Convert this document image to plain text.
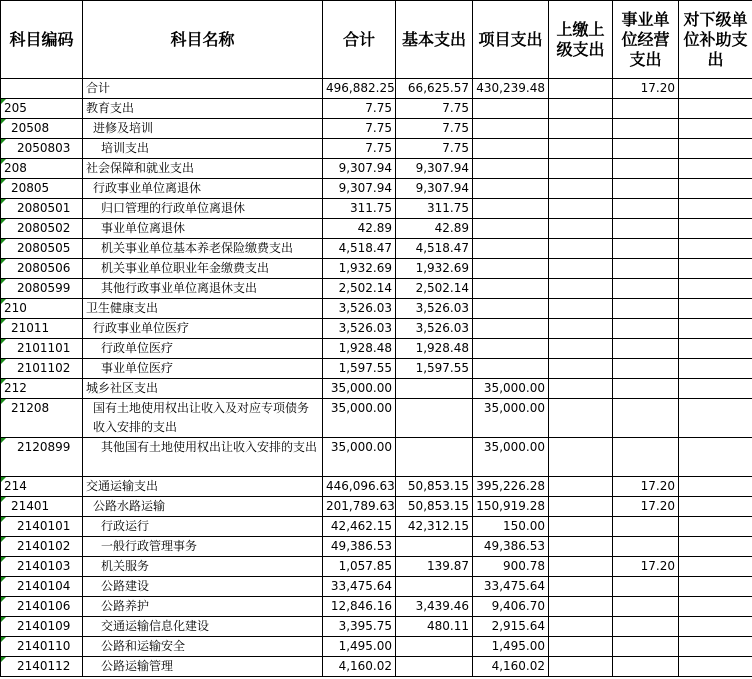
科目编码	科目名称	合计	基本支出	项目支出	上缴上级支出	事业单位经营支出	对下级单位补助支出
	合计	496,882.25	66,625.57	430,239.48		17.20	
205	教育支出	7.75	7.75				
20508	进修及培训	7.75	7.75				
2050803	培训支出	7.75	7.75				
208	社会保障和就业支出	9,307.94	9,307.94				
20805	行政事业单位离退休	9,307.94	9,307.94				
2080501	归口管理的行政单位离退休	311.75	311.75				
2080502	事业单位离退休	42.89	42.89				
2080505	机关事业单位基本养老保险缴费支出	4,518.47	4,518.47				
2080506	机关事业单位职业年金缴费支出	1,932.69	1,932.69				
2080599	其他行政事业单位离退休支出	2,502.14	2,502.14				
210	卫生健康支出	3,526.03	3,526.03				
21011	行政事业单位医疗	3,526.03	3,526.03				
2101101	行政单位医疗	1,928.48	1,928.48				
2101102	事业单位医疗	1,597.55	1,597.55				
212	城乡社区支出	35,000.00		35,000.00			
21208	国有土地使用权出让收入及对应专项债务收入安排的支出	35,000.00		35,000.00			
2120899	其他国有土地使用权出让收入安排的支出	35,000.00		35,000.00			
214	交通运输支出	446,096.63	50,853.15	395,226.28		17.20	
21401	公路水路运输	201,789.63	50,853.15	150,919.28		17.20	
2140101	行政运行	42,462.15	42,312.15	150.00			
2140102	一般行政管理事务	49,386.53		49,386.53			
2140103	机关服务	1,057.85	139.87	900.78		17.20	
2140104	公路建设	33,475.64		33,475.64			
2140106	公路养护	12,846.16	3,439.46	9,406.70			
2140109	交通运输信息化建设	3,395.75	480.11	2,915.64			
2140110	公路和运输安全	1,495.00		1,495.00			
2140112	公路运输管理	4,160.02		4,160.02			
